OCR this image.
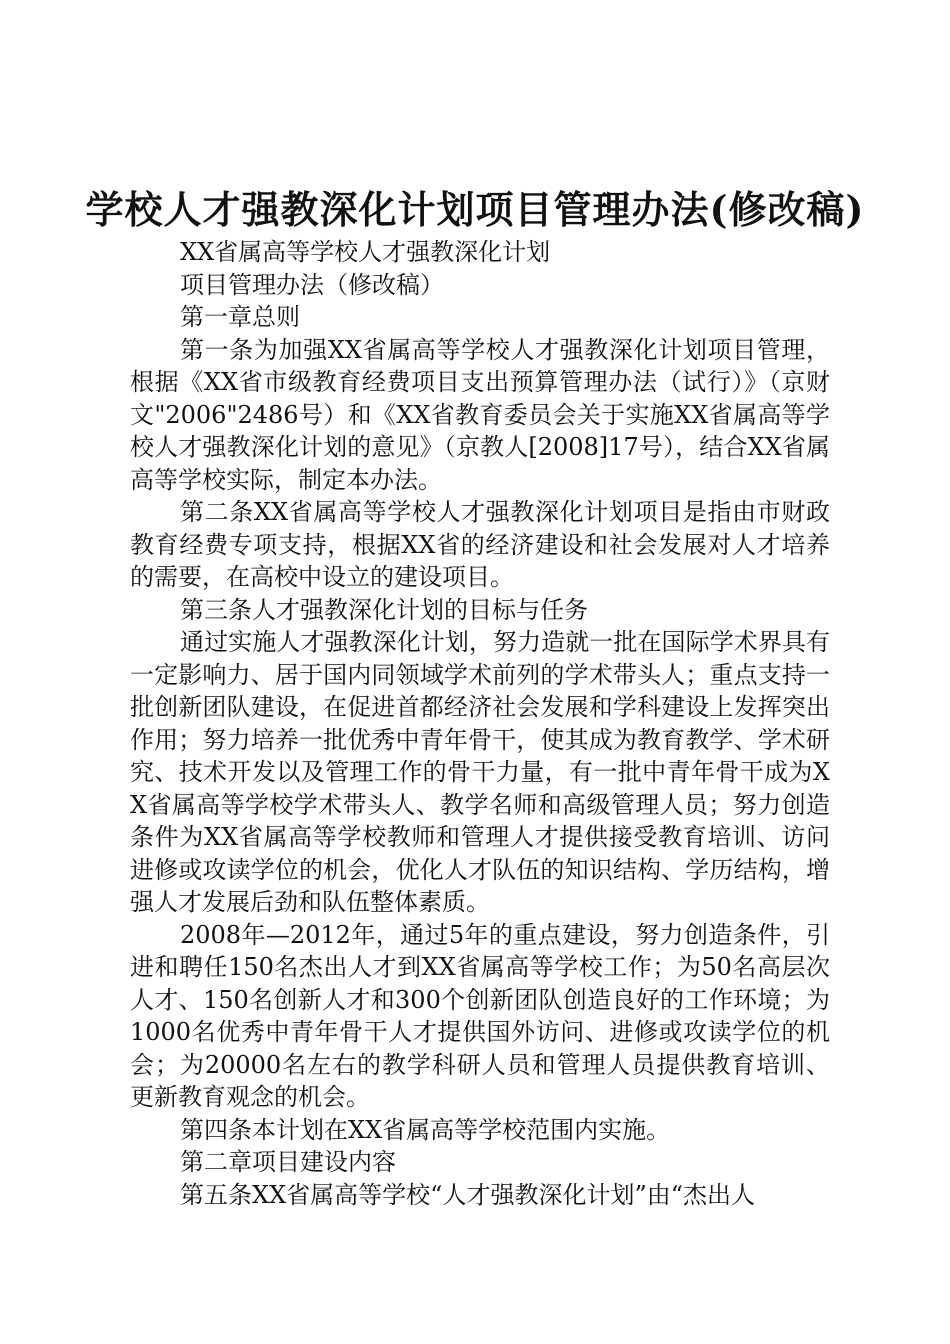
学校人才强教深化计划项目管理办法(修改稿)

XX省属高等学校人才强教深化计划

项目管理办法（修改稿）

第一章总则

第一条为加强XX省属高等学校人才强教深化计划项目管理，根据《XX省市级教育经费项目支出预算管理办法（试行）》（京财文"2006"2486号）和《XX省教育委员会关于实施XX省属高等学校人才强教深化计划的意见》（京教人[2008]17号），结合XX省属高等学校实际，制定本办法。

第二条XX省属高等学校人才强教深化计划项目是指由市财政教育经费专项支持，根据XX省的经济建设和社会发展对人才培养的需要，在高校中设立的建设项目。

第三条人才强教深化计划的目标与任务

通过实施人才强教深化计划，努力造就一批在国际学术界具有一定影响力、居于国内同领域学术前列的学术带头人；重点支持一批创新团队建设，在促进首都经济社会发展和学科建设上发挥突出作用；努力培养一批优秀中青年骨干，使其成为教育教学、学术研究、技术开发以及管理工作的骨干力量，有一批中青年骨干成为XX省属高等学校学术带头人、教学名师和高级管理人员；努力创造条件为XX省属高等学校教师和管理人才提供接受教育培训、访问进修或攻读学位的机会，优化人才队伍的知识结构、学历结构，增强人才发展后劲和队伍整体素质。

2008年—2012年，通过5年的重点建设，努力创造条件，引进和聘任150名杰出人才到XX省属高等学校工作；为50名高层次人才、150名创新人才和300个创新团队创造良好的工作环境；为1000名优秀中青年骨干人才提供国外访问、进修或攻读学位的机会；为20000名左右的教学科研人员和管理人员提供教育培训、更新教育观念的机会。

第四条本计划在XX省属高等学校范围内实施。

第二章项目建设内容

第五条XX省属高等学校“人才强教深化计划”由“杰出人
